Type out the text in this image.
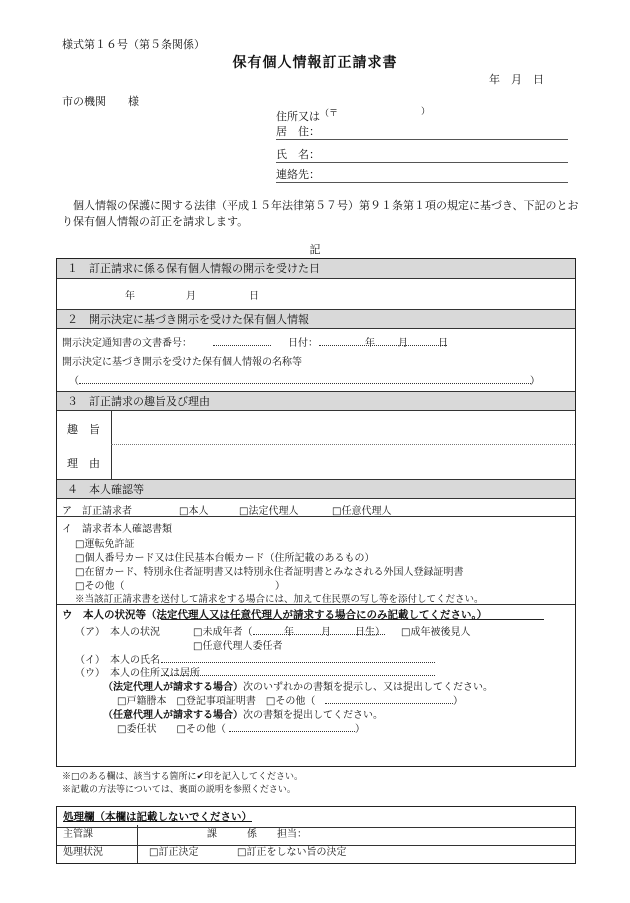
様式第１６号（第５条関係）
保有個人情報訂正請求書
年　月　日
市の機関　　様
住所又は（〒	）
居　住：
氏　名：
連絡先：
個人情報の保護に関する法律（平成１５年法律第５７号）第９１条第１項の規定に基づき、下記のとおり保有個人情報の訂正を請求します。
記
１　訂正請求に係る保有個人情報の開示を受けた日
年	月	日
２　開示決定に基づき開示を受けた保有個人情報
開示決定通知書の文書番号：	日付：	年 月	日
開示決定に基づき開示を受けた保有個人情報の名称等
（	）
３　訂正請求の趣旨及び理由
趣　旨
理　由
４　本人確認等
ア　訂正請求者	□本人	□法定代理人	□任意代理人
イ　請求者本人確認書類
□運転免許証
□個人番号カード又は住民基本台帳カード（住所記載のあるもの）
□在留カード、特別永住者証明書又は特別永住者証明書とみなされる外国人登録証明書
□その他（	）
※当該訂正請求書を送付して請求をする場合には、加えて住民票の写し等を添付してください。
ウ　本人の状況等（法定代理人又は任意代理人が請求する場合にのみ記載してください。）
（ア）　本人の状況	□未成年者（	年	月 日生） □成年被後見人
□任意代理人委任者
（イ）　本人の氏名
（ウ）　本人の住所又は居所
（法定代理人が請求する場合）次のいずれかの書類を提示し、又は提出してください。
□戸籍謄本　□登記事項証明書　□その他（	）
（任意代理人が請求する場合）次の書類を提出してください。
□委任状　　□その他（	）
※□のある欄は、該当する箇所に✔印を記入してください。
※記載の方法等については、裏面の説明を参照ください。
処理欄（本欄は記載しないでください）
主管課	課　　　係　　担当：
処理状況	□訂正決定	□訂正をしない旨の決定
